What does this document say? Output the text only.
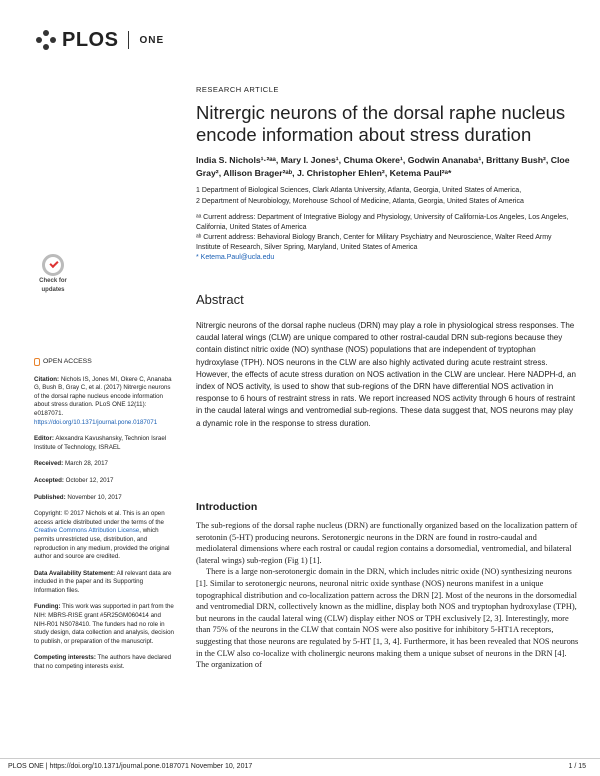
PLOS ONE
RESEARCH ARTICLE
Nitrergic neurons of the dorsal raphe nucleus encode information about stress duration
India S. Nichols¹·²ᵃᵃ, Mary I. Jones¹, Chuma Okere¹, Godwin Ananaba¹, Brittany Bush², Cloe Gray², Allison Brager²ᵃᵇ, J. Christopher Ehlen², Ketema Paul²ᵃ*
1 Department of Biological Sciences, Clark Atlanta University, Atlanta, Georgia, United States of America,
2 Department of Neurobiology, Morehouse School of Medicine, Atlanta, Georgia, United States of America
ᵃᵃ Current address: Department of Integrative Biology and Physiology, University of California-Los Angeles, Los Angeles, California, United States of America
ᵃᵇ Current address: Behavioral Biology Branch, Center for Military Psychiatry and Neuroscience, Walter Reed Army Institute of Research, Silver Spring, Maryland, United States of America
* Ketema.Paul@ucla.edu
Check for
updates
Abstract

Nitrergic neurons of the dorsal raphe nucleus (DRN) may play a role in physiological stress responses. The caudal lateral wings (CLW) are unique compared to other rostral-caudal DRN sub-regions because they contain distinct nitric oxide (NO) synthase (NOS) populations that are independent of tryptophan hydroxylase (TPH). NOS neurons in the CLW are also highly activated during acute restraint stress. However, the effects of acute stress duration on NOS activation in the CLW are unclear. Here NADPH-d, an index of NOS activity, is used to show that sub-regions of the DRN have differential NOS activation in response to 6 hours of restraint stress in rats. We report increased NOS activity through 6 hours of restraint in the caudal lateral wings and ventromedial sub-regions. These data suggest that, NOS neurons may play a dynamic role in the response to stress duration.

OPEN ACCESS
Citation: Nichols IS, Jones MI, Okere C, Ananaba G, Bush B, Gray C, et al. (2017) Nitrergic neurons of the dorsal raphe nucleus encode information about stress duration. PLoS ONE 12(11): e0187071. https://doi.org/10.1371/journal.pone.0187071
Editor: Alexandra Kavushansky, Technion Israel Institute of Technology, ISRAEL
Received: March 28, 2017
Accepted: October 12, 2017
Published: November 10, 2017
Copyright: © 2017 Nichols et al. This is an open access article distributed under the terms of the Creative Commons Attribution License, which permits unrestricted use, distribution, and reproduction in any medium, provided the original author and source are credited.
Data Availability Statement: All relevant data are included in the paper and its Supporting Information files.
Funding: This work was supported in part from the NIH: MBRS-RISE grant #5R25GM060414 and NIH-R01 NS078410. The funders had no role in study design, data collection and analysis, decision to publish, or preparation of the manuscript.
Competing interests: The authors have declared that no competing interests exist.
Introduction

The sub-regions of the dorsal raphe nucleus (DRN) are functionally organized based on the localization pattern of serotonin (5-HT) producing neurons. Serotonergic neurons in the DRN are found in rostro-caudal and mediolateral dimensions where each rostral or caudal region contains a dorsomedial, ventromedial, and bilateral (lateral wings) sub-region (Fig 1) [1].

There is a large non-serotonergic domain in the DRN, which includes nitric oxide (NO) synthesizing neurons [1]. Similar to serotonergic neurons, neuronal nitric oxide synthase (NOS) neurons manifest in a unique topographical distribution and co-localization pattern across the DRN [2]. Most of the neurons in the dorsomedial and ventromedial DRN, collectively known as the midline, display both NOS and tryptophan hydroxylase (TPH), but neurons in the caudal lateral wing (CLW) display either NOS or TPH exclusively [2, 3]. Interestingly, more than 75% of the neurons in the CLW that contain NOS were also positive for inhibitory 5-HT1A receptors, suggesting that those neurons are regulated by 5-HT [1, 3, 4]. Furthermore, it has been revealed that NOS neurons in the CLW also co-localize with cholinergic neurons making them a unique subset of neurons in the DRN [4]. The organization of

PLOS ONE | https://doi.org/10.1371/journal.pone.0187071 November 10, 2017	1 / 15
